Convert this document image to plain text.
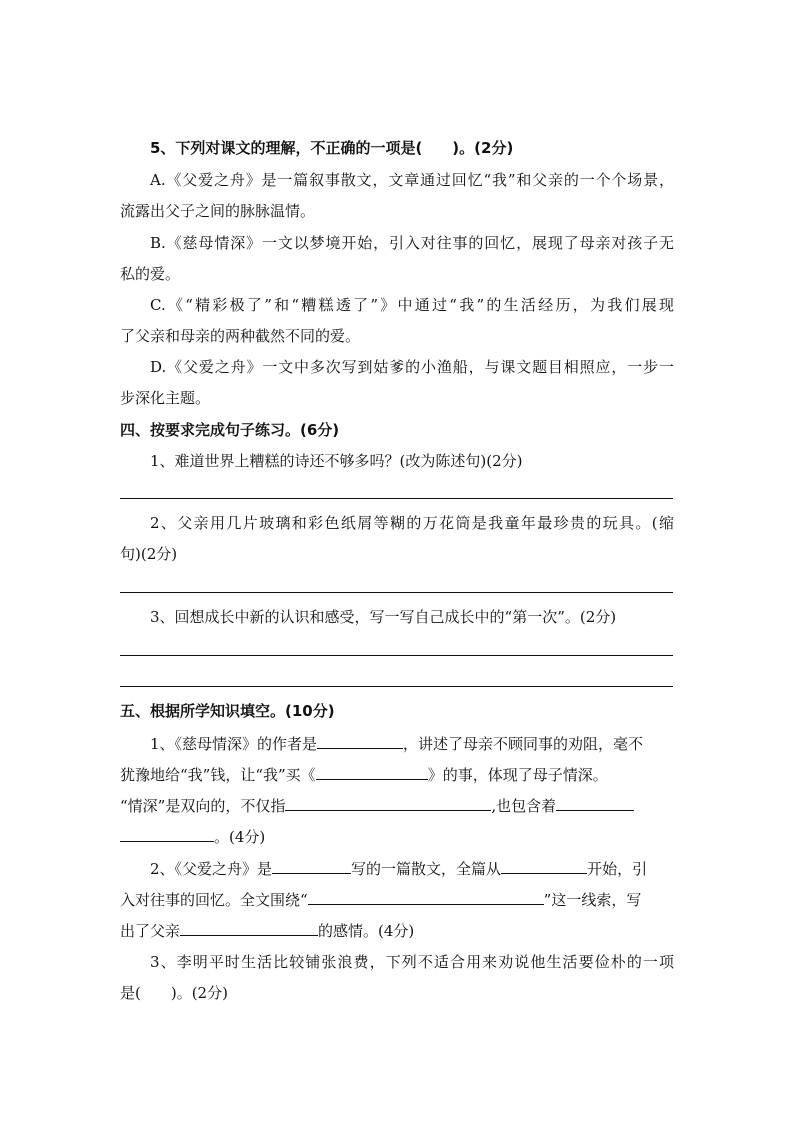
5、下列对课文的理解，不正确的一项是(　　)。(2分)
A.《父爱之舟》是一篇叙事散文，文章通过回忆“我”和父亲的一个个场景，
流露出父子之间的脉脉温情。
B.《慈母情深》一文以梦境开始，引入对往事的回忆，展现了母亲对孩子无
私的爱。
C.《“精彩极了”和“糟糕透了”》中通过“我”的生活经历，为我们展现
了父亲和母亲的两种截然不同的爱。
D.《父爱之舟》一文中多次写到姑爹的小渔船，与课文题目相照应，一步一
步深化主题。
四、按要求完成句子练习。(6分)
1、难道世界上糟糕的诗还不够多吗？(改为陈述句)(2分)
2、父亲用几片玻璃和彩色纸屑等糊的万花筒是我童年最珍贵的玩具。(缩
句)(2分)
3、回想成长中新的认识和感受，写一写自己成长中的“第一次”。(2分)
五、根据所学知识填空。(10分)
1、《慈母情深》的作者是	，讲述了母亲不顾同事的劝阻，毫不
犹豫地给“我”钱，让“我”买《	》的事，体现了母子情深。
“情深”是双向的，不仅指	,也包含着
。(4分)
2、《父爱之舟》是	写的一篇散文，全篇从	开始，引
入对往事的回忆。全文围绕“	”这一线索，写
出了父亲	的感情。(4分)
3、李明平时生活比较铺张浪费，下列不适合用来劝说他生活要俭朴的一项
是(　　)。(2分)
